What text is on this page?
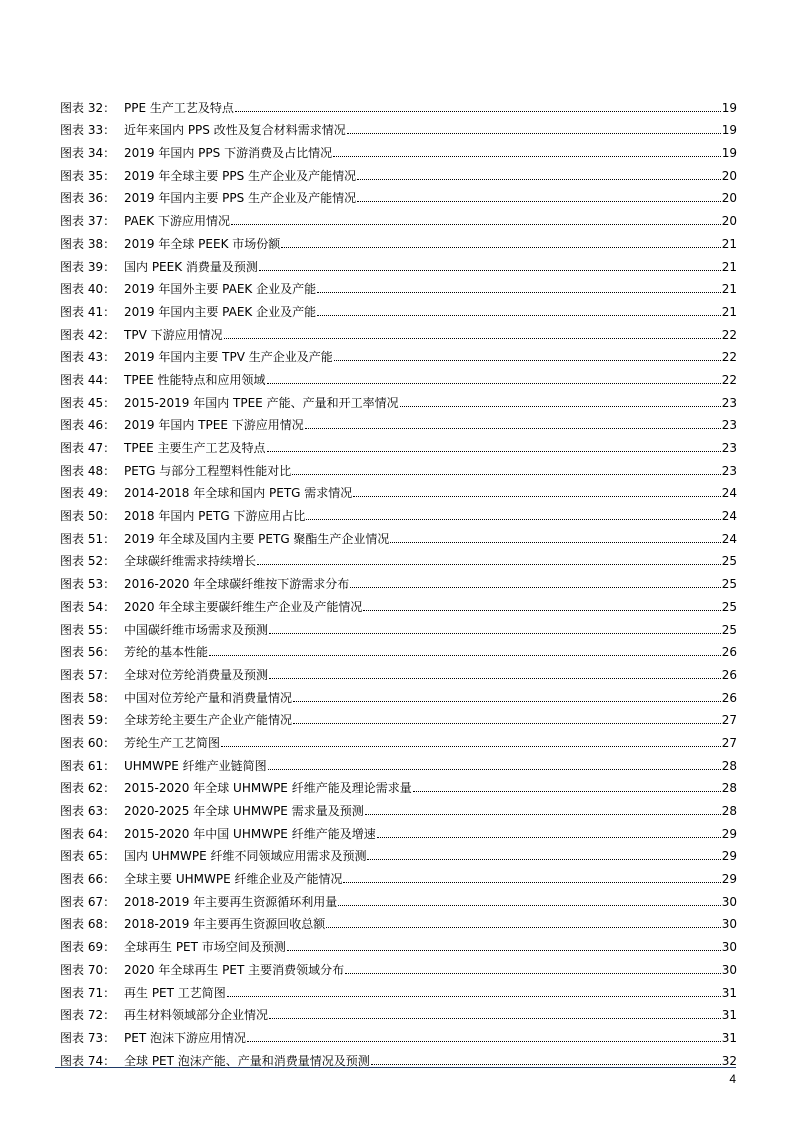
图表 32： PPE 生产工艺及特点	19
图表 33： 近年来国内 PPS 改性及复合材料需求情况	19
图表 34： 2019 年国内 PPS 下游消费及占比情况	19
图表 35： 2019 年全球主要 PPS 生产企业及产能情况	20
图表 36： 2019 年国内主要 PPS 生产企业及产能情况	20
图表 37： PAEK 下游应用情况	20
图表 38： 2019 年全球 PEEK 市场份额	21
图表 39： 国内 PEEK 消费量及预测	21
图表 40： 2019 年国外主要 PAEK 企业及产能	21
图表 41： 2019 年国内主要 PAEK 企业及产能	21
图表 42： TPV 下游应用情况	22
图表 43： 2019 年国内主要 TPV 生产企业及产能	22
图表 44： TPEE 性能特点和应用领域	22
图表 45： 2015-2019 年国内 TPEE 产能、产量和开工率情况	23
图表 46： 2019 年国内 TPEE 下游应用情况	23
图表 47： TPEE 主要生产工艺及特点	23
图表 48： PETG 与部分工程塑料性能对比	23
图表 49： 2014-2018 年全球和国内 PETG 需求情况	24
图表 50： 2018 年国内 PETG 下游应用占比	24
图表 51： 2019 年全球及国内主要 PETG 聚酯生产企业情况	24
图表 52： 全球碳纤维需求持续增长	25
图表 53： 2016-2020 年全球碳纤维按下游需求分布	25
图表 54： 2020 年全球主要碳纤维生产企业及产能情况	25
图表 55： 中国碳纤维市场需求及预测	25
图表 56： 芳纶的基本性能	26
图表 57： 全球对位芳纶消费量及预测	26
图表 58： 中国对位芳纶产量和消费量情况	26
图表 59： 全球芳纶主要生产企业产能情况	27
图表 60： 芳纶生产工艺简图	27
图表 61： UHMWPE 纤维产业链简图	28
图表 62： 2015-2020 年全球 UHMWPE 纤维产能及理论需求量	28
图表 63： 2020-2025 年全球 UHMWPE 需求量及预测	28
图表 64： 2015-2020 年中国 UHMWPE 纤维产能及增速	29
图表 65： 国内 UHMWPE 纤维不同领域应用需求及预测	29
图表 66： 全球主要 UHMWPE 纤维企业及产能情况	29
图表 67： 2018-2019 年主要再生资源循环利用量	30
图表 68： 2018-2019 年主要再生资源回收总额	30
图表 69： 全球再生 PET 市场空间及预测	30
图表 70： 2020 年全球再生 PET 主要消费领域分布	30
图表 71： 再生 PET 工艺简图	31
图表 72： 再生材料领域部分企业情况	31
图表 73： PET 泡沫下游应用情况	31
图表 74： 全球 PET 泡沫产能、产量和消费量情况及预测	32
4
